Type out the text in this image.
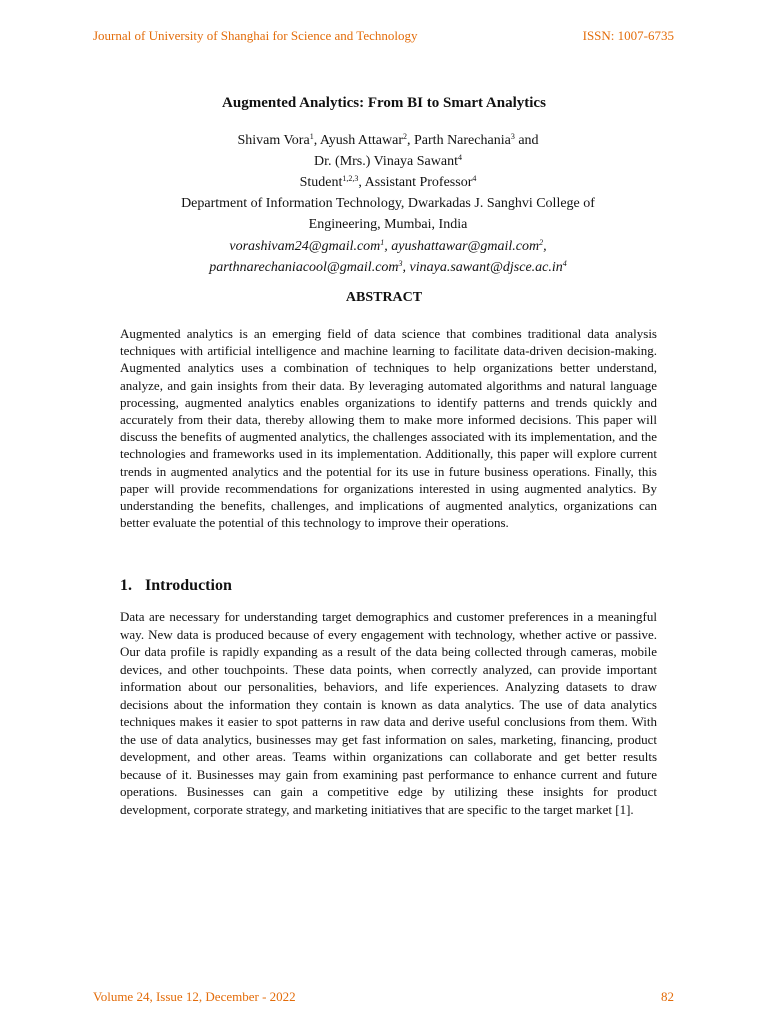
Journal of University of Shanghai for Science and Technology	ISSN: 1007-6735
Augmented Analytics: From BI to Smart Analytics
Shivam Vora$^1$, Ayush Attawar$^2$, Parth Narechania$^3$ and
Dr. (Mrs.) Vinaya Sawant$^4$
Student$^{1,2,3}$, Assistant Professor$^4$
Department of Information Technology, Dwarkadas J. Sanghvi College of
Engineering, Mumbai, India
vorashivam24@gmail.com$^1$, ayushattawar@gmail.com$^2$,
parthnarechaniacool@gmail.com$^3$, $vinaya.sawant@djsce.ac.in^4$
ABSTRACT

Augmented analytics is an emerging field of data science that combines traditional data analysis techniques with artificial intelligence and machine learning to facilitate data-driven decision-making. Augmented analytics uses a combination of techniques to help organizations better understand, analyze, and gain insights from their data. By leveraging automated algorithms and natural language processing, augmented analytics enables organizations to identify patterns and trends quickly and accurately from their data, thereby allowing them to make more informed decisions. This paper will discuss the benefits of augmented analytics, the challenges associated with its implementation, and the technologies and frameworks used in its implementation. Additionally, this paper will explore current trends in augmented analytics and the potential for its use in future business operations. Finally, this paper will provide recommendations for organizations interested in using augmented analytics. By understanding the benefits, challenges, and implications of augmented analytics, organizations can better evaluate the potential of this technology to improve their operations.

1. Introduction

Data are necessary for understanding target demographics and customer preferences in a meaningful way. New data is produced because of every engagement with technology, whether active or passive. Our data profile is rapidly expanding as a result of the data being collected through cameras, mobile devices, and other touchpoints. These data points, when correctly analyzed, can provide important information about our personalities, behaviors, and life experiences. Analyzing datasets to draw decisions about the information they contain is known as data analytics. The use of data analytics techniques makes it easier to spot patterns in raw data and derive useful conclusions from them. With the use of data analytics, businesses may get fast information on sales, marketing, financing, product development, and other areas. Teams within organizations can collaborate and get better results because of it. Businesses may gain from examining past performance to enhance current and future operations. Businesses can gain a competitive edge by utilizing these insights for product development, corporate strategy, and marketing initiatives that are specific to the target market [1].

Volume 24, Issue 12, December - 2022	82
